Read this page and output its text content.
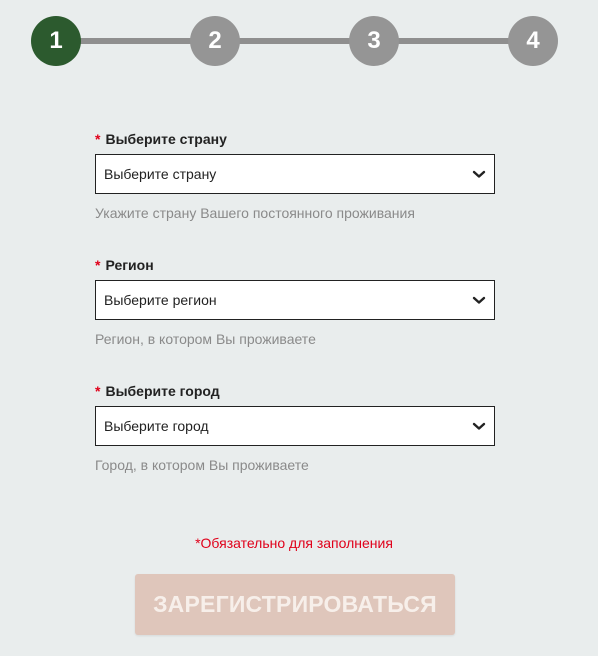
1	2	3	4
* Выберите страну
Выберите страну
Укажите страну Вашего постоянного проживания
* Регион
Выберите регион
Регион, в котором Вы проживаете
* Выберите город
Выберите город
Город, в котором Вы проживаете
*Обязательно для заполнения
ЗАРЕГИСТРИРОВАТЬСЯ
